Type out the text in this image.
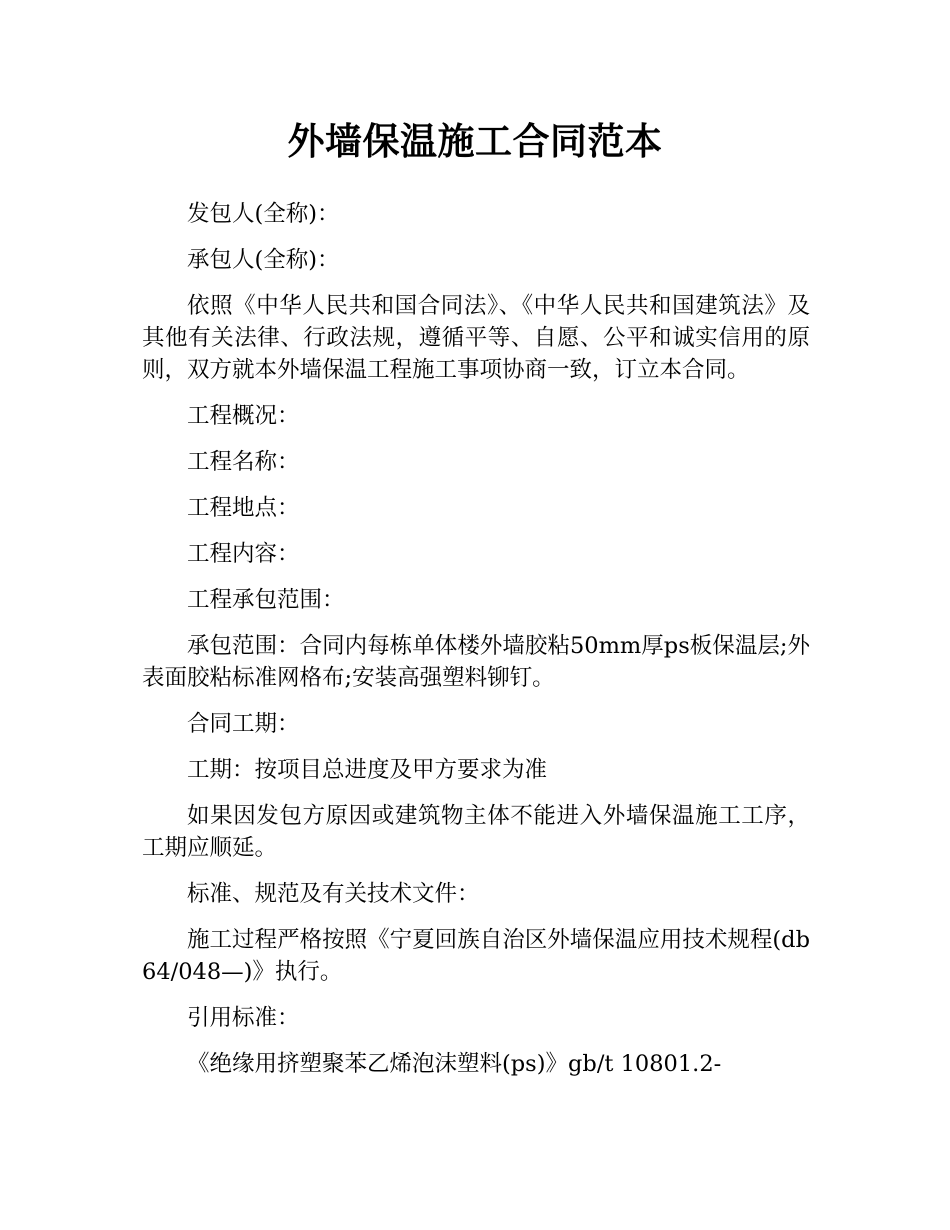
外墙保温施工合同范本

发包人(全称)：

承包人(全称)：

依照《中华人民共和国合同法》、《中华人民共和国建筑法》及其他有关法律、行政法规，遵循平等、自愿、公平和诚实信用的原则，双方就本外墙保温工程施工事项协商一致，订立本合同。

工程概况：

工程名称：

工程地点：

工程内容：

工程承包范围：

承包范围：合同内每栋单体楼外墙胶粘50mm厚ps板保温层;外表面胶粘标准网格布;安装高强塑料铆钉。

合同工期：

工期：按项目总进度及甲方要求为准

如果因发包方原因或建筑物主体不能进入外墙保温施工工序，工期应顺延。

标准、规范及有关技术文件：

施工过程严格按照《宁夏回族自治区外墙保温应用技术规程(db64/048—)》执行。

引用标准：

《绝缘用挤塑聚苯乙烯泡沫塑料(ps)》gb/t 10801.2-
